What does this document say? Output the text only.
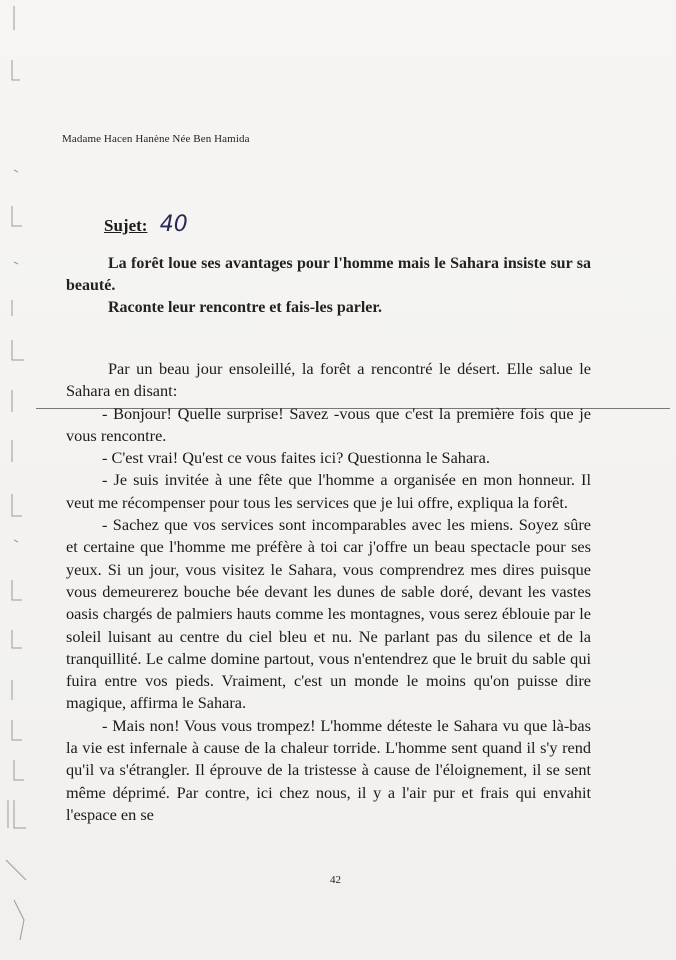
Madame Hacen Hanène Née Ben Hamida
Sujet: 40

La forêt loue ses avantages pour l'homme mais le Sahara insiste sur sa beauté.

Raconte leur rencontre et fais-les parler.

Par un beau jour ensoleillé, la forêt a rencontré le désert. Elle salue le Sahara en disant:

- Bonjour! Quelle surprise! Savez -vous que c'est la première fois que je vous rencontre.

- C'est vrai! Qu'est ce vous faites ici? Questionna le Sahara.

- Je suis invitée à une fête que l'homme a organisée en mon honneur. Il veut me récompenser pour tous les services que je lui offre, expliqua la forêt.

- Sachez que vos services sont incomparables avec les miens. Soyez sûre et certaine que l'homme me préfère à toi car j'offre un beau spectacle pour ses yeux. Si un jour, vous visitez le Sahara, vous comprendrez mes dires puisque vous demeurerez bouche bée devant les dunes de sable doré, devant les vastes oasis chargés de palmiers hauts comme les montagnes, vous serez éblouie par le soleil luisant au centre du ciel bleu et nu. Ne parlant pas du silence et de la tranquillité. Le calme domine partout, vous n'entendrez que le bruit du sable qui fuira entre vos pieds. Vraiment, c'est un monde le moins qu'on puisse dire magique, affirma le Sahara.

- Mais non! Vous vous trompez! L'homme déteste le Sahara vu que là-bas la vie est infernale à cause de la chaleur torride. L'homme sent quand il s'y rend qu'il va s'étrangler. Il éprouve de la tristesse à cause de l'éloignement, il se sent même déprimé. Par contre, ici chez nous, il y a l'air pur et frais qui envahit l'espace en se

42
